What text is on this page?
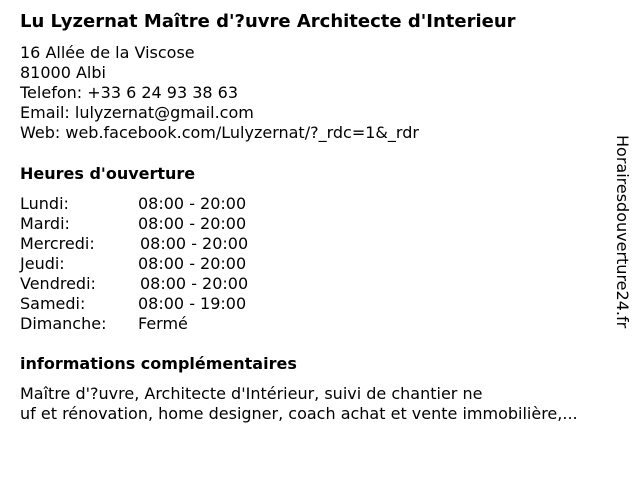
Lu Lyzernat Maître d'?uvre Architecte d'Interieur
16 Allée de la Viscose
81000 Albi
Telefon: +33 6 24 93 38 63
Email: lulyzernat@gmail.com
Web: web.facebook.com/Lulyzernat/?_rdc=1&_rdr
Heures d'ouverture
Lundi:	08:00 - 20:00
Mardi:	08:00 - 20:00
Mercredi:	08:00 - 20:00
Jeudi:	08:00 - 20:00
Vendredi:	08:00 - 20:00
Samedi:	08:00 - 19:00
Dimanche: Fermé
informations complémentaires
Maître d'?uvre, Architecte d'Intérieur, suivi de chantier ne
uf et rénovation, home designer, coach achat et vente immobilière,...
Horairesdouverture24.fr
